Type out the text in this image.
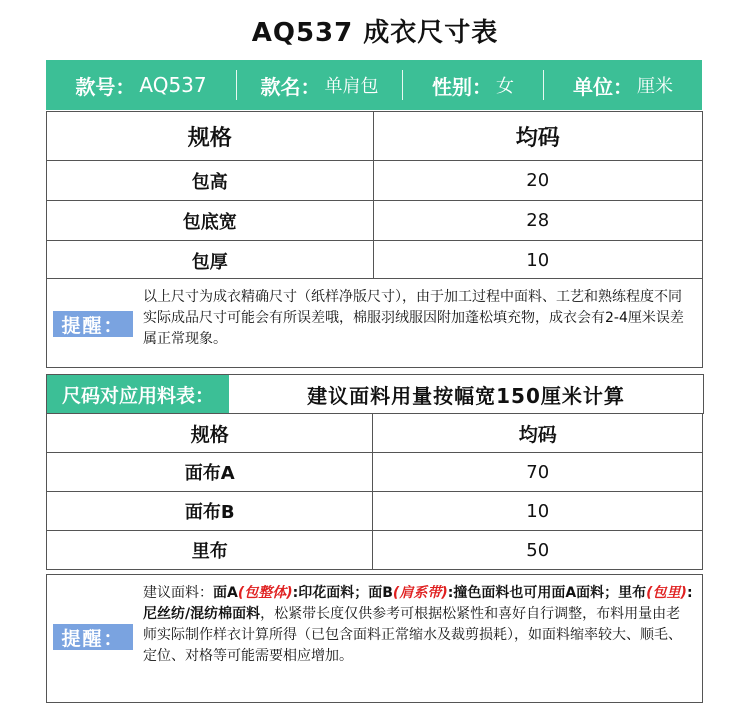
AQ537 成衣尺寸表
款号： AQ537	款名： 单肩包	性别： 女	单位： 厘米
规格	均码
包高	20
包底宽	28
包厚	10
提醒：
以上尺寸为成衣精确尺寸（纸样净版尺寸），由于加工过程中面料、工艺和熟练程度不同实际成品尺寸可能会有所误差哦，棉服羽绒服因附加蓬松填充物，成衣会有2-4厘米误差属正常现象。
尺码对应用料表：	建议面料用量按幅宽150厘米计算
规格	均码
面布A	70
面布B	10
里布	50
提醒：
建议面料：面A(包整体):印花面料；面B(肩系带):撞色面料也可用面A面料；里布(包里):尼丝纺/混纺棉面料，松紧带长度仅供参考可根据松紧性和喜好自行调整，布料用量由老师实际制作样衣计算所得（已包含面料正常缩水及裁剪损耗），如面料缩率较大、顺毛、定位、对格等可能需要相应增加。
